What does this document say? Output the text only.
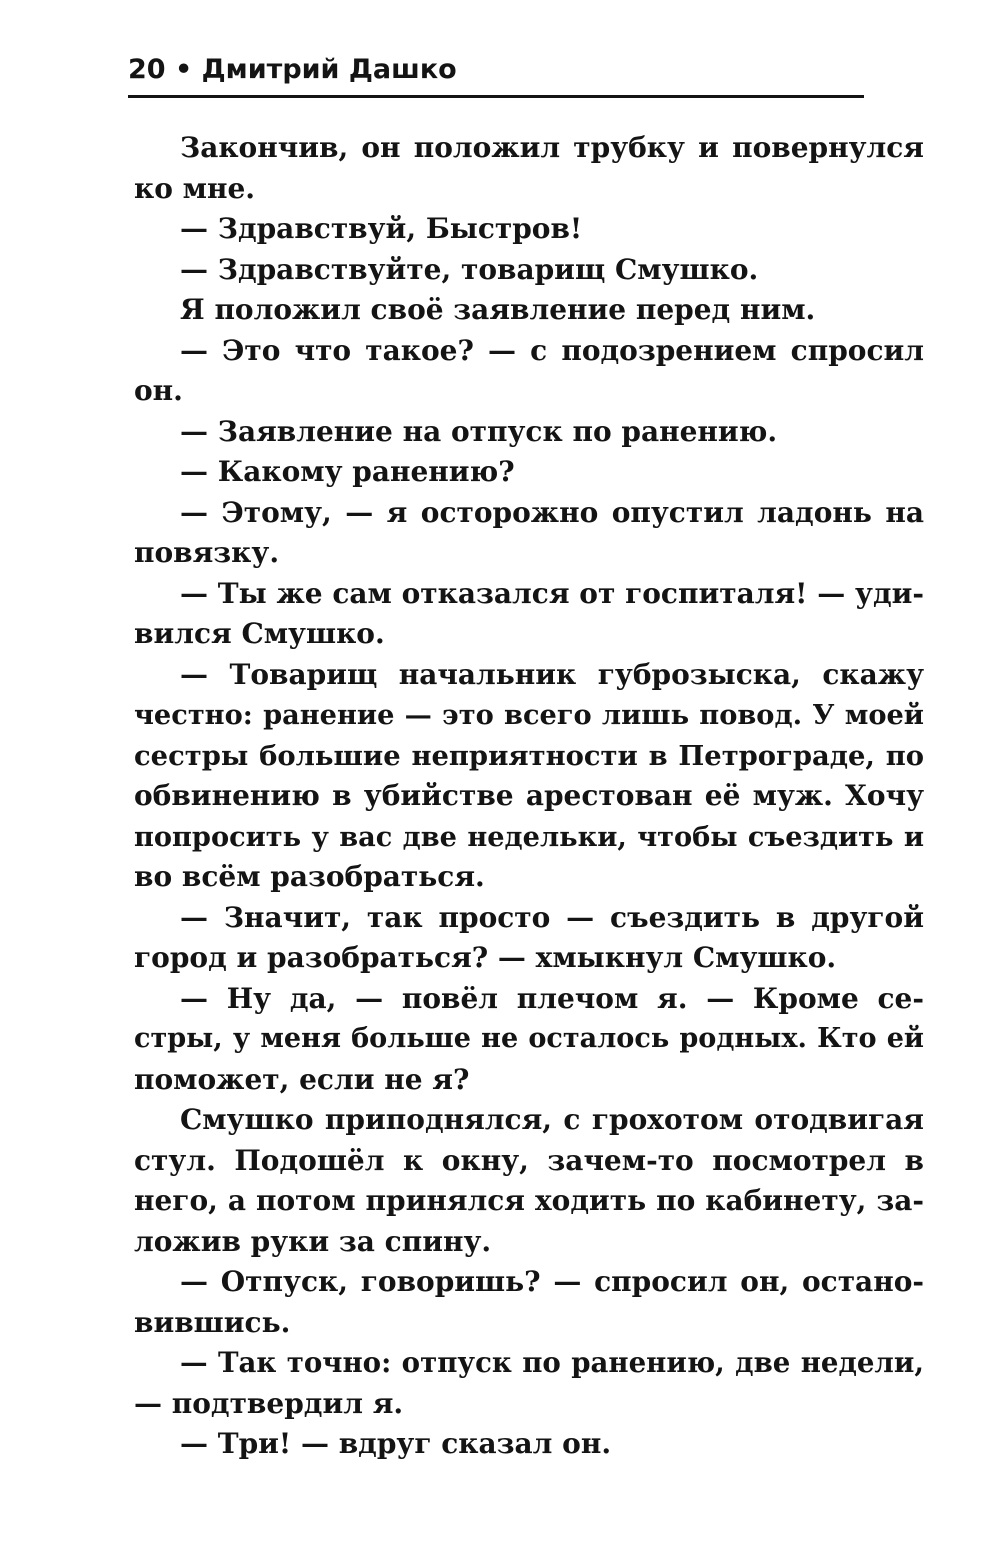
20 • Дмитрий Дашко
Закончив, он положил трубку и повернулся
ко мне.
— Здравствуй, Быстров!
— Здравствуйте, товарищ Смушко.
Я положил своё заявление перед ним.
— Это что такое? — с подозрением спросил
он.
— Заявление на отпуск по ранению.
— Какому ранению?
— Этому, — я осторожно опустил ладонь на
повязку.
— Ты же сам отказался от госпиталя! — уди-
вился Смушко.
— Товарищ начальник губрозыска, скажу
честно: ранение — это всего лишь повод. У моей
сестры большие неприятности в Петрограде, по
обвинению в убийстве арестован её муж. Хочу
попросить у вас две недельки, чтобы съездить и
во всём разобраться.
— Значит, так просто — съездить в другой
город и разобраться? — хмыкнул Смушко.
— Ну да, — повёл плечом я. — Кроме се-
стры, у меня больше не осталось родных. Кто ей
поможет, если не я?
Смушко приподнялся, с грохотом отодвигая
стул. Подошёл к окну, зачем-то посмотрел в
него, а потом принялся ходить по кабинету, за-
ложив руки за спину.
— Отпуск, говоришь? — спросил он, остано-
вившись.
— Так точно: отпуск по ранению, две недели,
— подтвердил я.
— Три! — вдруг сказал он.
